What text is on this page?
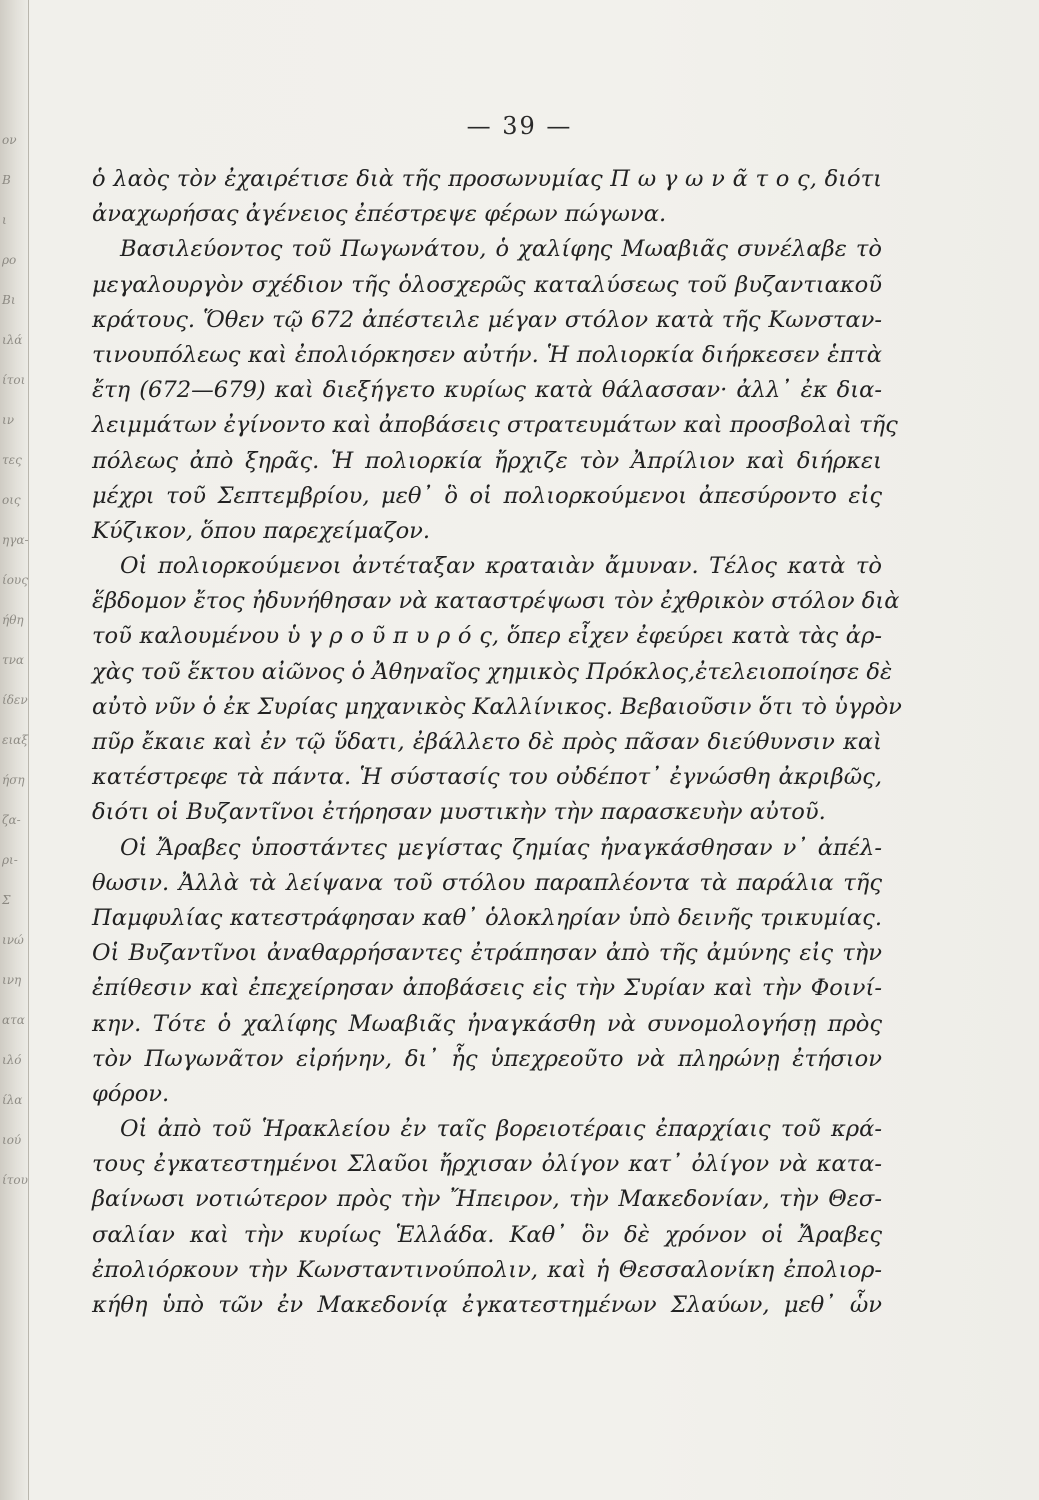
ον
Β
ι
ρο
Βι
ιλά
ίτοι
ιν
τες
οις
ηγα-
ίους
ήθη
τνα
ίδεν
ειαξ
ήση
ζα-
ρι-
Σ
ινώ
ινη
ατα
ιλό
ίλα
ιού
ίτου
— 39 —
ὁ λαὸς τὸν ἐχαιρέτισε διὰ τῆς προσωνυμίας Π ω γ ω ν ᾶ τ ο ς, διότι
ἀναχωρήσας ἀγένειος ἐπέστρεψε φέρων πώγωνα.
Βασιλεύοντος τοῦ Πωγωνάτου, ὁ χαλίφης Μωαβιᾶς συνέλαβε τὸ
μεγαλουργὸν σχέδιον τῆς ὁλοσχερῶς καταλύσεως τοῦ βυζαντιακοῦ
κράτους. Ὅθεν τῷ 672 ἀπέστειλε μέγαν στόλον κατὰ τῆς Κωνσταν-
τινουπόλεως καὶ ἐπολιόρκησεν αὐτήν. Ἡ πολιορκία διήρκεσεν ἑπτὰ
ἔτη (672—679) καὶ διεξήγετο κυρίως κατὰ θάλασσαν· ἀλλ᾽ ἐκ δια-
λειμμάτων ἐγίνοντο καὶ ἀποβάσεις στρατευμάτων καὶ προσβολαὶ τῆς
πόλεως ἀπὸ ξηρᾶς. Ἡ πολιορκία ἤρχιζε τὸν Ἀπρίλιον καὶ διήρκει
μέχρι τοῦ Σεπτεμβρίου, μεθ᾽ ὃ οἱ πολιορκούμενοι ἀπεσύροντο εἰς
Κύζικον, ὅπου παρεχείμαζον.
Οἱ πολιορκούμενοι ἀντέταξαν κραταιὰν ἄμυναν. Τέλος κατὰ τὸ
ἕβδομον ἔτος ἠδυνήθησαν νὰ καταστρέψωσι τὸν ἐχθρικὸν στόλον διὰ
τοῦ καλουμένου ὑ γ ρ ο ῦ π υ ρ ό ς, ὅπερ εἶχεν ἐφεύρει κατὰ τὰς ἀρ-
χὰς τοῦ ἕκτου αἰῶνος ὁ Ἀθηναῖος χημικὸς Πρόκλος,ἐτελειοποίησε δὲ
αὐτὸ νῦν ὁ ἐκ Συρίας μηχανικὸς Καλλίνικος. Βεβαιοῦσιν ὅτι τὸ ὑγρὸν
πῦρ ἔκαιε καὶ ἐν τῷ ὕδατι, ἐβάλλετο δὲ πρὸς πᾶσαν διεύθυνσιν καὶ
κατέστρεφε τὰ πάντα. Ἡ σύστασίς του οὐδέποτ᾽ ἐγνώσθη ἀκριβῶς,
διότι οἱ Βυζαντῖνοι ἐτήρησαν μυστικὴν τὴν παρασκευὴν αὐτοῦ.
Οἱ Ἄραβες ὑποστάντες μεγίστας ζημίας ἠναγκάσθησαν ν᾽ ἀπέλ-
θωσιν. Ἀλλὰ τὰ λείψανα τοῦ στόλου παραπλέοντα τὰ παράλια τῆς
Παμφυλίας κατεστράφησαν καθ᾽ ὁλοκληρίαν ὑπὸ δεινῆς τρικυμίας.
Οἱ Βυζαντῖνοι ἀναθαρρήσαντες ἐτράπησαν ἀπὸ τῆς ἀμύνης εἰς τὴν
ἐπίθεσιν καὶ ἐπεχείρησαν ἀποβάσεις εἰς τὴν Συρίαν καὶ τὴν Φοινί-
κην. Τότε ὁ χαλίφης Μωαβιᾶς ἠναγκάσθη νὰ συνομολογήσῃ πρὸς
τὸν Πωγωνᾶτον εἰρήνην, δι᾽ ἧς ὑπεχρεοῦτο νὰ πληρώνῃ ἐτήσιον
φόρον.
Οἱ ἀπὸ τοῦ Ἡρακλείου ἐν ταῖς βορειοτέραις ἐπαρχίαις τοῦ κρά-
τους ἐγκατεστημένοι Σλαῦοι ἤρχισαν ὀλίγον κατ᾽ ὀλίγον νὰ κατα-
βαίνωσι νοτιώτερον πρὸς τὴν Ἤπειρον, τὴν Μακεδονίαν, τὴν Θεσ-
σαλίαν καὶ τὴν κυρίως Ἑλλάδα. Καθ᾽ ὃν δὲ χρόνον οἱ Ἄραβες
ἐπολιόρκουν τὴν Κωνσταντινούπολιν, καὶ ἡ Θεσσαλονίκη ἐπολιορ-
κήθη ὑπὸ τῶν ἐν Μακεδονίᾳ ἐγκατεστημένων Σλαύων, μεθ᾽ ὧν
